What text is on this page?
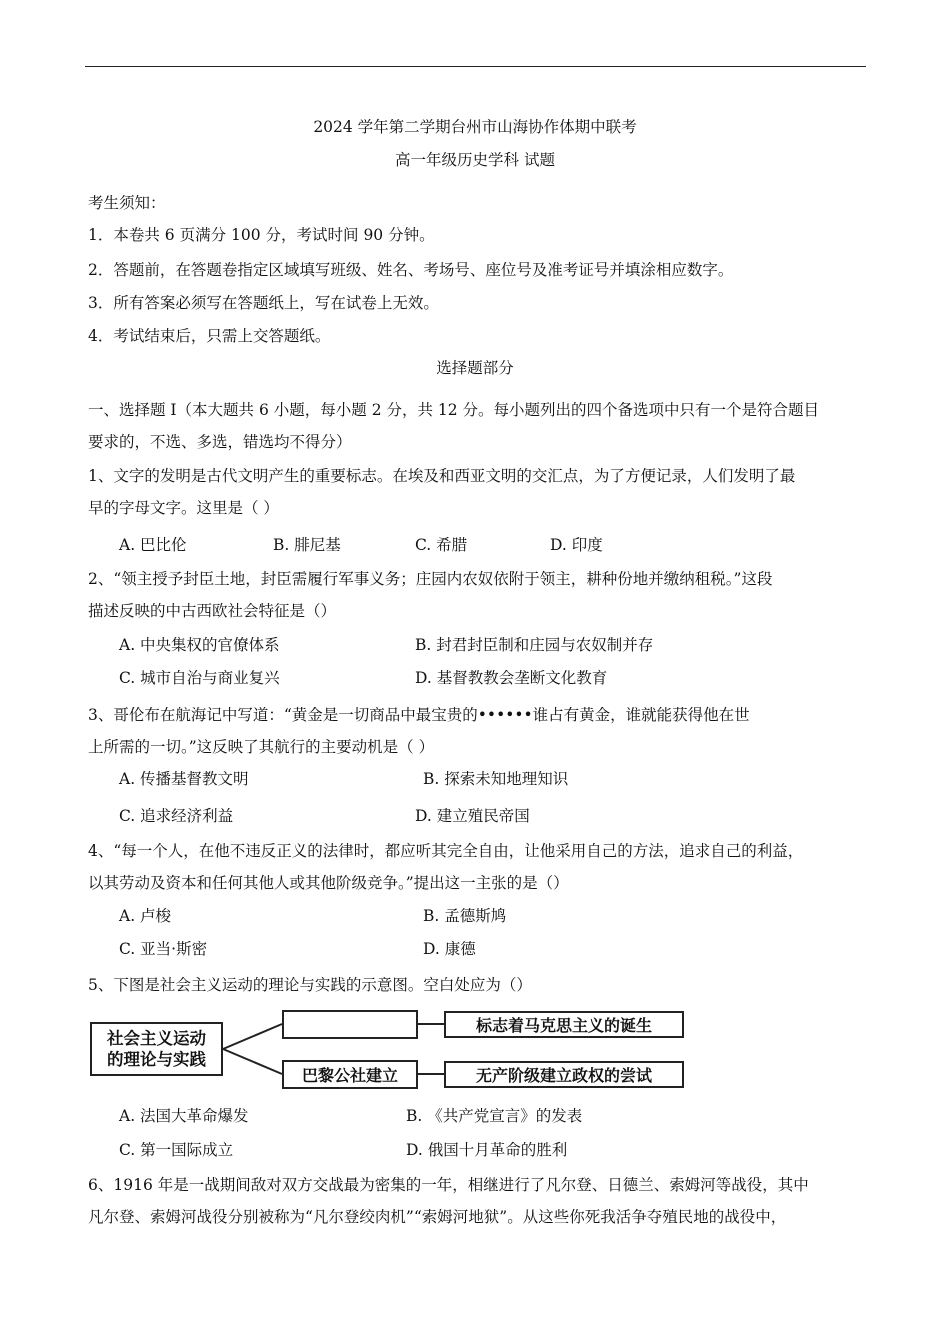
2024 学年第二学期台州市山海协作体期中联考
高一年级历史学科 试题
考生须知：
1．本卷共 6 页满分 100 分，考试时间 90 分钟。
2．答题前，在答题卷指定区域填写班级、姓名、考场号、座位号及准考证号并填涂相应数字。
3．所有答案必须写在答题纸上，写在试卷上无效。
4．考试结束后，只需上交答题纸。
选择题部分
一、选择题 I（本大题共 6 小题，每小题 2 分，共 12 分。每小题列出的四个备选项中只有一个是符合题目
要求的，不选、多选，错选均不得分）
1、文字的发明是古代文明产生的重要标志。在埃及和西亚文明的交汇点，为了方便记录，人们发明了最
早的字母文字。这里是（ ）
A. 巴比伦	B. 腓尼基	C. 希腊	D. 印度
2、“领主授予封臣土地，封臣需履行军事义务；庄园内农奴依附于领主，耕种份地并缴纳租税。”这段
描述反映的中古西欧社会特征是（）
A. 中央集权的官僚体系	B. 封君封臣制和庄园与农奴制并存
C. 城市自治与商业复兴	D. 基督教教会垄断文化教育
3、哥伦布在航海记中写道：“黄金是一切商品中最宝贵的••••••谁占有黄金，谁就能获得他在世
上所需的一切。”这反映了其航行的主要动机是（ ）
A. 传播基督教文明	B. 探索未知地理知识
C. 追求经济利益	D. 建立殖民帝国
4、“每一个人，在他不违反正义的法律时，都应听其完全自由，让他采用自己的方法，追求自己的利益，
以其劳动及资本和任何其他人或其他阶级竞争。”提出这一主张的是（）
A. 卢梭	B. 孟德斯鸠
C. 亚当·斯密	D. 康德
5、下图是社会主义运动的理论与实践的示意图。空白处应为（）
社会主义运动
的理论与实践
巴黎公社建立
标志着马克思主义的诞生
无产阶级建立政权的尝试
A. 法国大革命爆发	B. 《共产党宣言》的发表
C. 第一国际成立	D. 俄国十月革命的胜利
6、1916 年是一战期间敌对双方交战最为密集的一年，相继进行了凡尔登、日德兰、索姆河等战役，其中
凡尔登、索姆河战役分别被称为“凡尔登绞肉机”“索姆河地狱”。从这些你死我活争夺殖民地的战役中，
